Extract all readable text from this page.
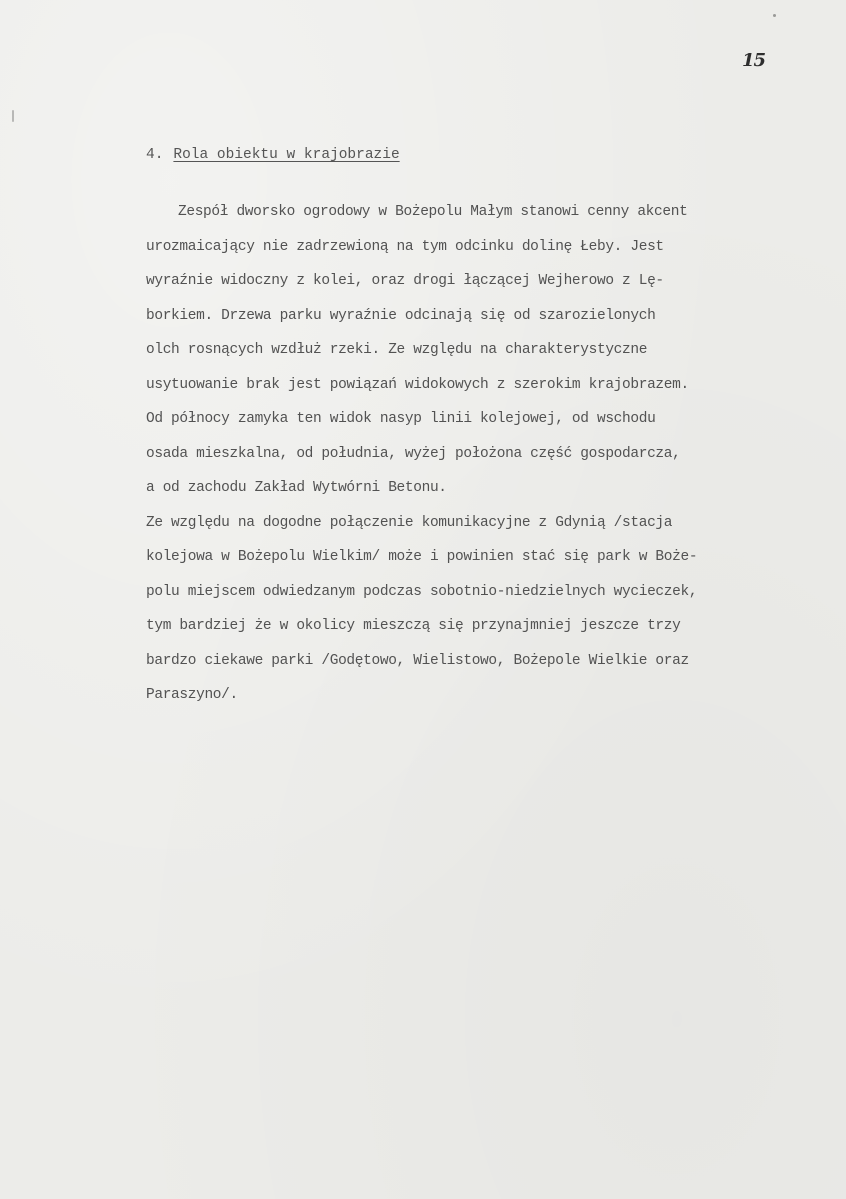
15
4. Rola obiektu w krajobrazie
Zespół dworsko ogrodowy w Bożepolu Małym stanowi cenny akcent
urozmaicający nie zadrzewioną na tym odcinku dolinę Łeby. Jest
wyraźnie widoczny z kolei, oraz drogi łączącej Wejherowo z Lę-
borkiem. Drzewa parku wyraźnie odcinają się od szarozielonych
olch rosnących wzdłuż rzeki. Ze względu na charakterystyczne
usytuowanie brak jest powiązań widokowych z szerokim krajobrazem.
Od północy zamyka ten widok nasyp linii kolejowej, od wschodu
osada mieszkalna, od południa, wyżej położona część gospodarcza,
a od zachodu Zakład Wytwórni Betonu.
Ze względu na dogodne połączenie komunikacyjne z Gdynią /stacja
kolejowa w Bożepolu Wielkim/ może i powinien stać się park w Boże-
polu miejscem odwiedzanym podczas sobotnio-niedzielnych wycieczek,
tym bardziej że w okolicy mieszczą się przynajmniej jeszcze trzy
bardzo ciekawe parki /Godętowo, Wielistowo, Bożepole Wielkie oraz
Paraszyno/.
